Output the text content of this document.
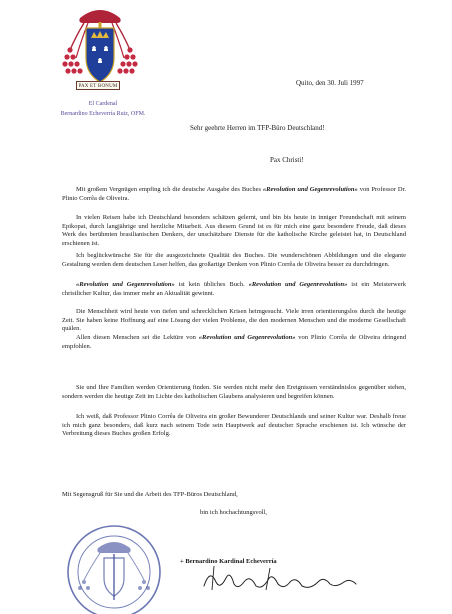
PAX ET BONUM
El Cardenal
Bernardino Echeverría Ruiz, OFM.
Quito, den 30. Juli 1997
Sehr geehrte Herren im TFP-Büro Deutschland!
Pax Christi!

Mit großem Vergnügen empfing ich die deutsche Ausgabe des Buches «Revolution und Gegenrevolution» von Professor Dr. Plinio Corrêa de Oliveira.

In vielen Reisen habe ich Deutschland besonders schätzen gelernt, und bin bis heute in inniger Freundschaft mit seinem Epikopat, durch langjährige und herzliche Mitarbeit. Aus diesem Grund ist es für mich eine ganz besondere Freude, daß dieses Werk des berühmten brasilianischen Denkers, der unschätzbare Dienste für die katholische Kirche geleistet hat, in Deutschland erschienen ist.

Ich beglückwünsche Sie für die ausgezeichnete Qualität des Buches. Die wunderschönen Abbildungen und die elegante Gestaltung werden dem deutschen Leser helfen, das großartige Denken von Plinio Corrêa de Oliveira besser zu durchdringen.

«Revolution und Gegenrevolution» ist kein übliches Buch. «Revolution und Gegenrevolution» ist ein Meisterwerk christlicher Kultur, das immer mehr an Aktualität gewinnt.

Die Menschheit wird heute von tiefen und schrecklichen Krisen heimgesucht. Viele irren orientierungslos durch die heutige Zeit. Sie haben keine Hoffnung auf eine Lösung der vielen Probleme, die den modernen Menschen und die moderne Gesellschaft quälen.

Allen diesen Menschen sei die Lektüre von «Revolution und Gegenrevolution» von Plinio Corrêa de Oliveira dringend empfohlen.

Sie und Ihre Familien werden Orientierung finden. Sie werden nicht mehr den Ereignissen verständnislos gegenüber stehen, sondern werden die heutige Zeit im Lichte des katholischen Glaubens analysieren und begreifen können.

Ich weiß, daß Professor Plinio Corrêa de Oliveira ein großer Bewunderer Deutschlands und seiner Kultur war. Deshalb freue ich mich ganz besonders, daß kurz nach seinem Tode sein Hauptwerk auf deutscher Sprache erschienen ist. Ich wünsche der Verbreitung dieses Buches großen Erfolg.

Mit Segensgruß für Sie und die Arbeit des TFP-Büros Deutschland,
bin ich hochachtungsvoll,
+ Bernardino Kardinal Echeverría
